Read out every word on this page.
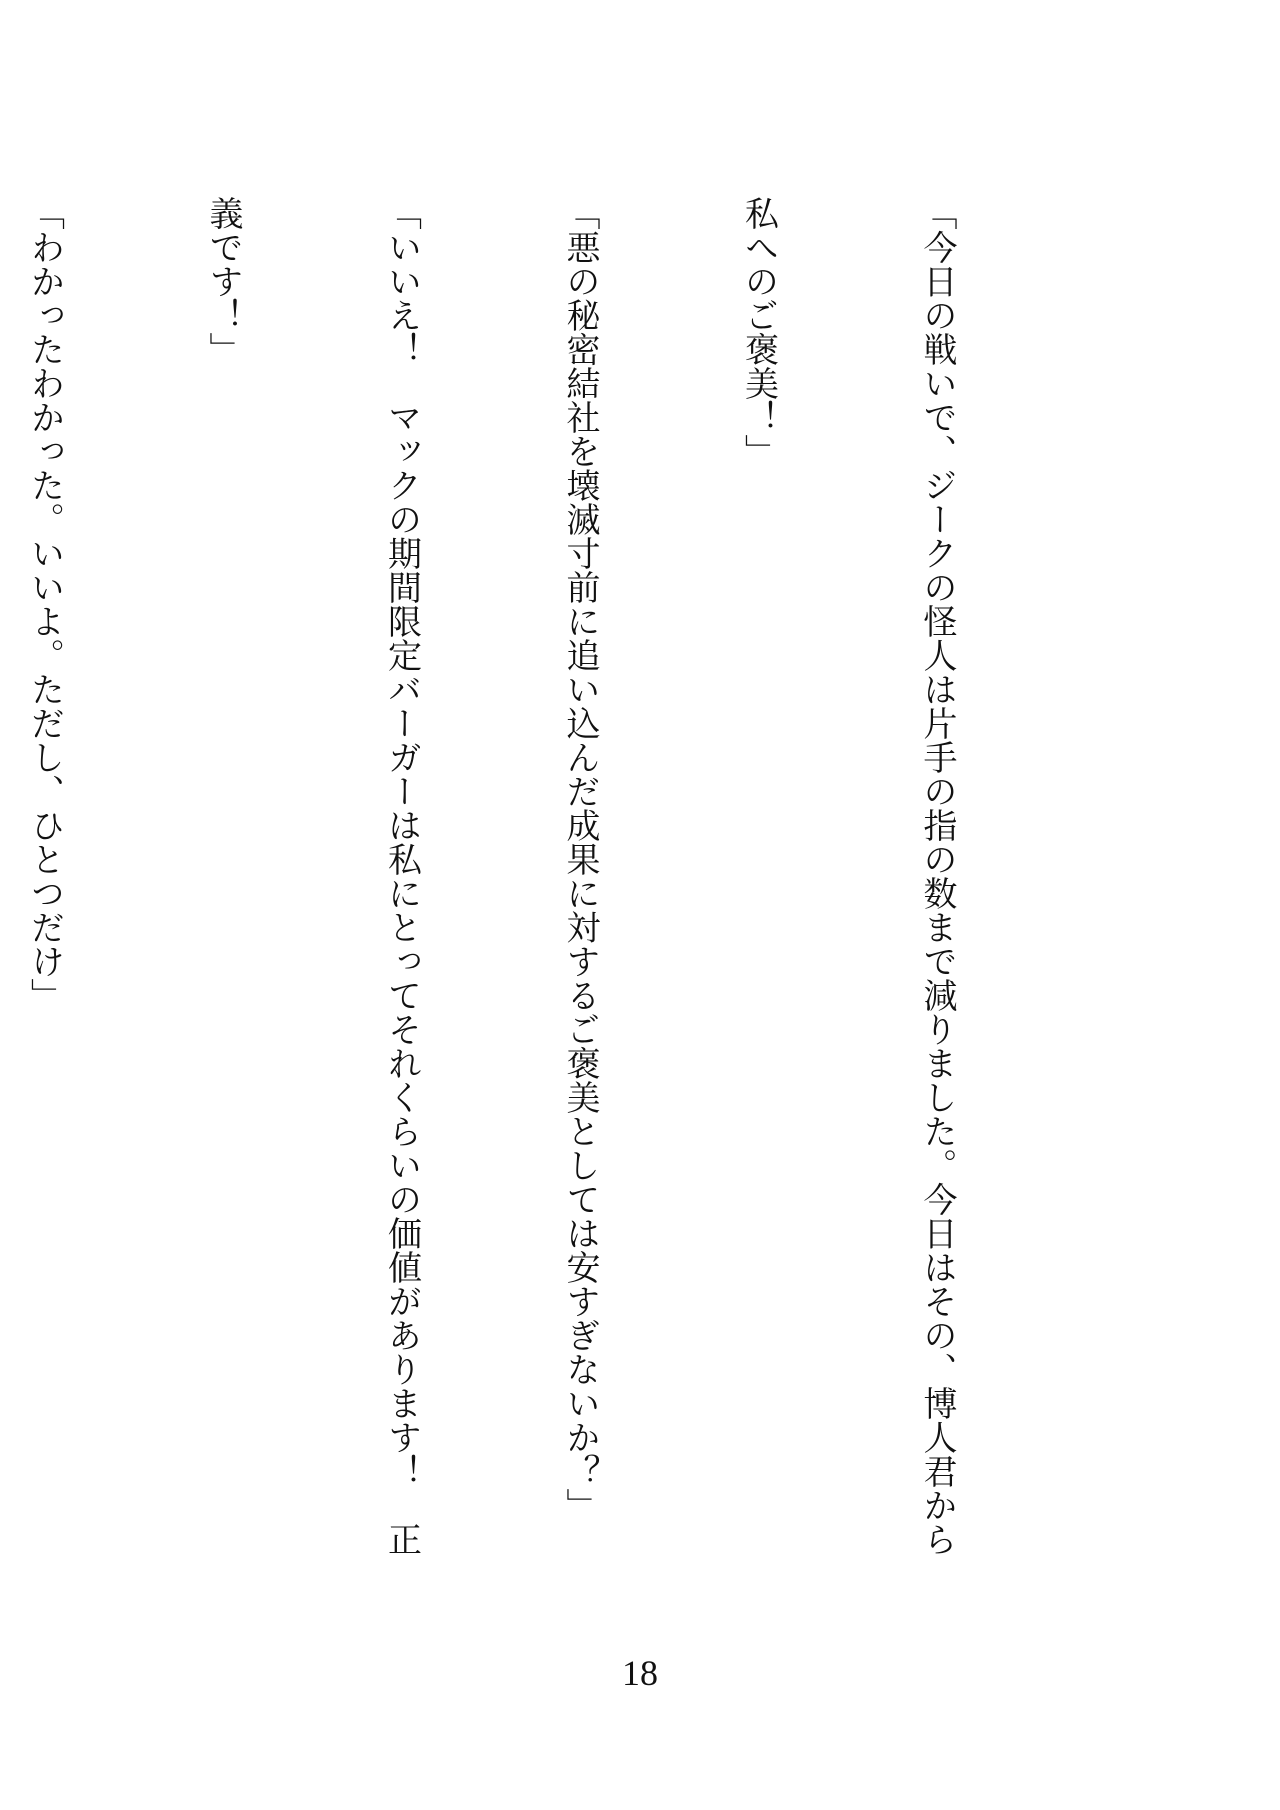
「今日の戦いで、ジークの怪人は片手の指の数まで減りました。今日はその、博人君から

私へのご褒美！」

「悪の秘密結社を壊滅寸前に追い込んだ成果に対するご褒美としては安すぎないか？」

「いいえ！　マックの期間限定バーガーは私にとってそれくらいの価値があります！　正

義です！」

「わかったわかった。いいよ。ただし、ひとつだけ」

18
